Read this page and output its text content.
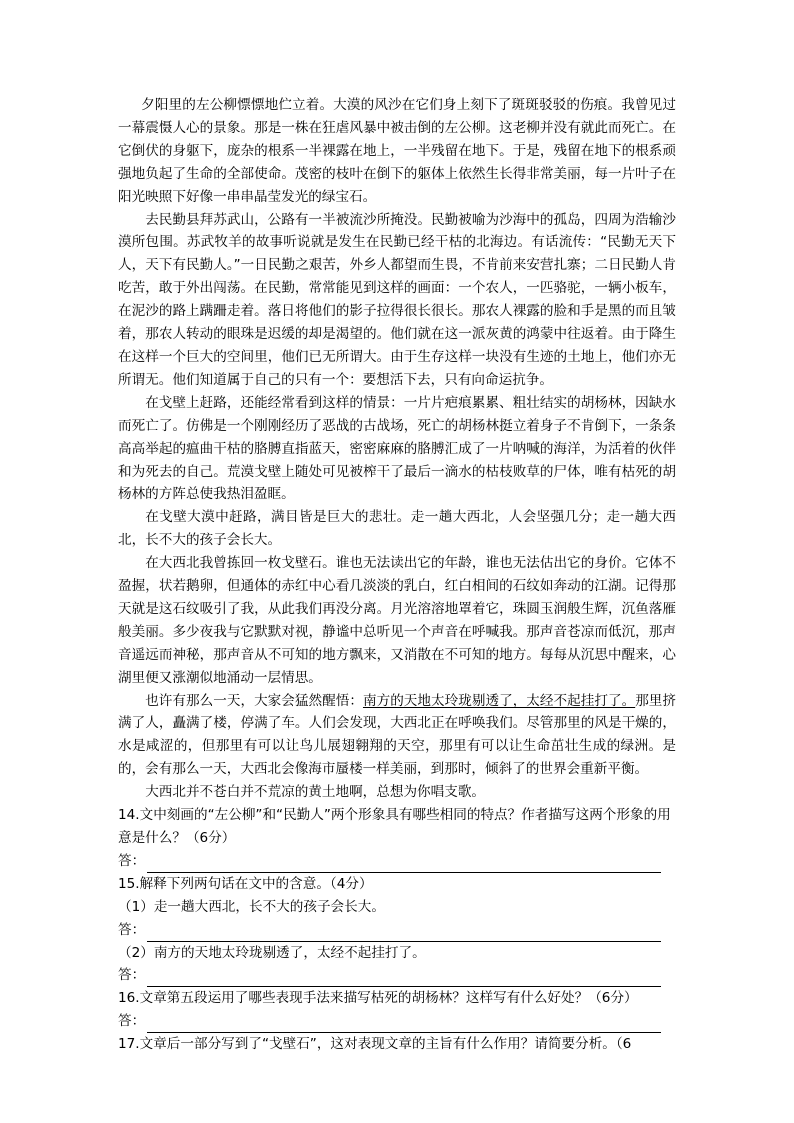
夕阳里的左公柳慓慓地伫立着。大漠的风沙在它们身上刻下了斑斑驳驳的伤痕。我曾见过一幕震慑人心的景象。那是一株在狂虐风暴中被击倒的左公柳。这老柳并没有就此而死亡。在它倒伏的身躯下，庞杂的根系一半裸露在地上，一半残留在地下。于是，残留在地下的根系顽强地负起了生命的全部使命。茂密的枝叶在倒下的躯体上依然生长得非常美丽，每一片叶子在阳光映照下好像一串串晶莹发光的绿宝石。

去民勤县拜苏武山，公路有一半被流沙所掩没。民勤被喻为沙海中的孤岛，四周为浩输沙漠所包围。苏武牧羊的故事听说就是发生在民勤已经干枯的北海边。有话流传：“民勤无天下人，天下有民勤人。”一日民勤之艰苦，外乡人都望而生畏，不肯前来安营扎寨；二日民勤人肯吃苦，敢于外出闯荡。在民勤，常常能见到这样的画面：一个农人，一匹骆驼，一辆小板车，在泥沙的路上蹒跚走着。落日将他们的影子拉得很长很长。那农人裸露的脸和手是黑的而且皱着，那农人转动的眼珠是迟缓的却是渴望的。他们就在这一派灰黄的鸿蒙中往返着。由于降生在这样一个巨大的空间里，他们已无所谓大。由于生存这样一块没有生迹的土地上，他们亦无所谓无。他们知道属于自己的只有一个：要想活下去，只有向命运抗争。

在戈壁上赶路，还能经常看到这样的情景：一片片疤痕累累、粗壮结实的胡杨林，因缺水而死亡了。仿佛是一个刚刚经历了恶战的古战场，死亡的胡杨林挺立着身子不肯倒下，一条条高高举起的瘟曲干枯的胳膊直指蓝天，密密麻麻的胳膊汇成了一片呐喊的海洋，为活着的伙伴和为死去的自己。荒漠戈壁上随处可见被榨干了最后一滴水的枯枝败草的尸体，唯有枯死的胡杨林的方阵总使我热泪盈眶。

在戈壁大漠中赶路，满目皆是巨大的悲壮。走一趟大西北，人会坚强几分；走一趟大西北，长不大的孩子会长大。

在大西北我曾拣回一枚戈壁石。谁也无法读出它的年龄，谁也无法估出它的身价。它体不盈握，状若鹅卵，但通体的赤红中心看几淡淡的乳白，红白相间的石纹如奔动的江湖。记得那天就是这石纹吸引了我，从此我们再没分离。月光溶溶地罩着它，珠圆玉润般生辉，沉鱼落雁般美丽。多少夜我与它默默对视，静谧中总听见一个声音在呼喊我。那声音苍凉而低沉，那声音遥远而神秘，那声音从不可知的地方飘来，又消散在不可知的地方。每每从沉思中醒来，心湖里便又涨潮似地涌动一层情思。

也许有那么一天，大家会猛然醒悟：南方的天地太玲珑剔透了，太经不起挂打了。那里挤满了人，矗满了楼，停满了车。人们会发现，大西北正在呼唤我们。尽管那里的风是干燥的，水是咸涩的，但那里有可以让鸟儿展翅翱翔的天空，那里有可以让生命茁壮生成的绿洲。是的，会有那么一天，大西北会像海市蜃楼一样美丽，到那时，倾斜了的世界会重新平衡。

大西北并不苍白并不荒凉的黄土地啊，总想为你唱支歌。

14.文中刻画的“左公柳”和“民勤人”两个形象具有哪些相同的特点？作者描写这两个形象的用意是什么？（6分）

答：

15.解释下列两句话在文中的含意。（4分）

（1）走一趟大西北，长不大的孩子会长大。

答：

（2）南方的天地太玲珑剔透了，太经不起挂打了。

答：

16.文章第五段运用了哪些表现手法来描写枯死的胡杨林？这样写有什么好处？（6分）

答：

17.文章后一部分写到了“戈壁石”，这对表现文章的主旨有什么作用？请简要分析。（6
